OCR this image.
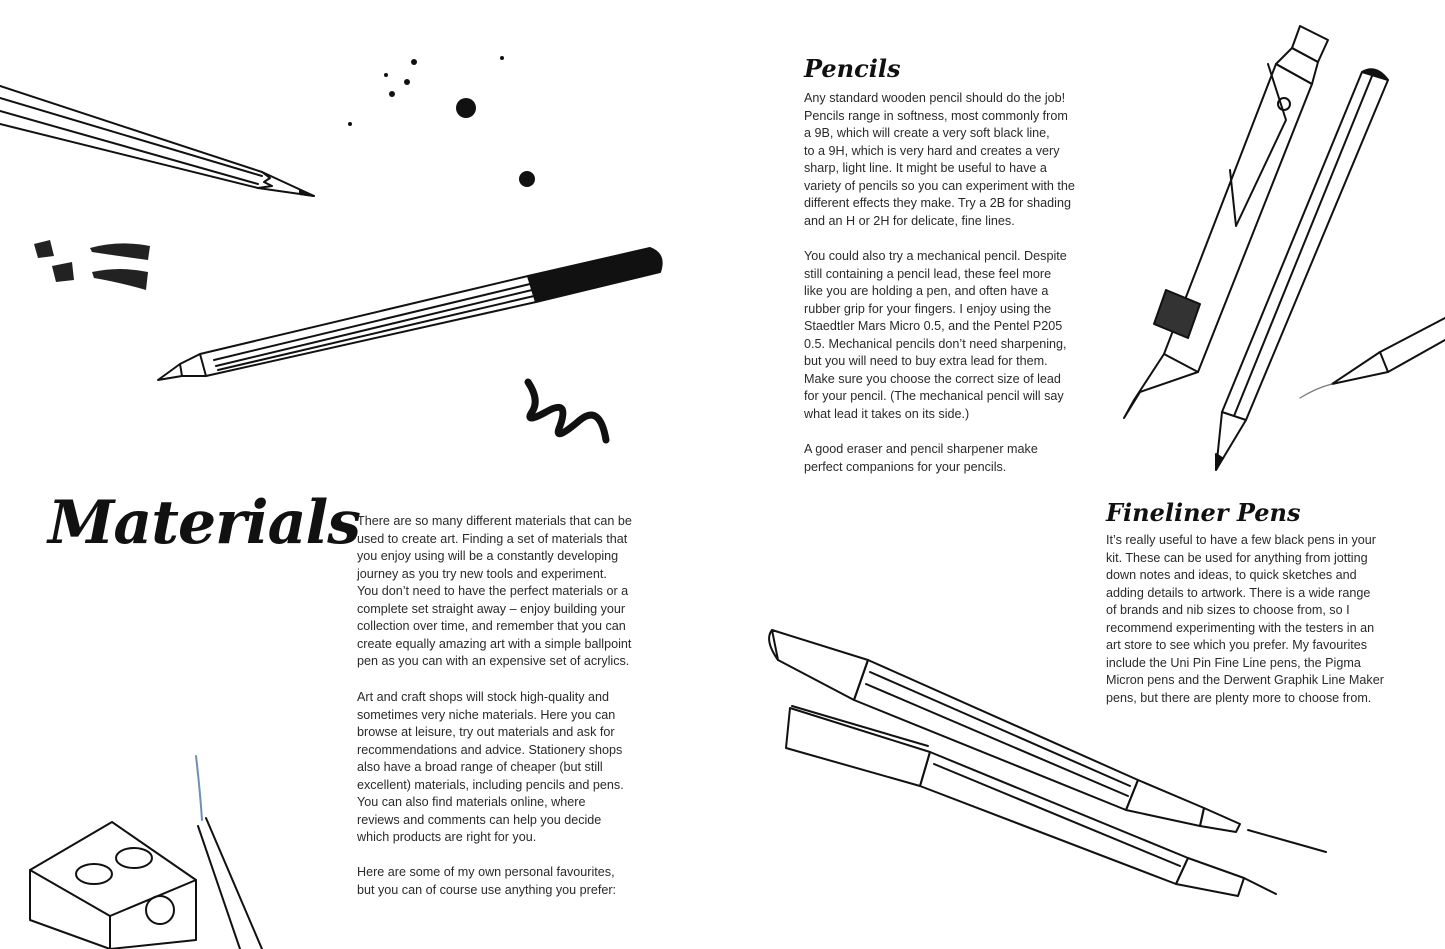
Materials

There are so many different materials that can be
used to create art. Finding a set of materials that
you enjoy using will be a constantly developing
journey as you try new tools and experiment.
You don’t need to have the perfect materials or a
complete set straight away – enjoy building your
collection over time, and remember that you can
create equally amazing art with a simple ballpoint
pen as you can with an expensive set of acrylics.

Art and craft shops will stock high-quality and
sometimes very niche materials. Here you can
browse at leisure, try out materials and ask for
recommendations and advice. Stationery shops
also have a broad range of cheaper (but still
excellent) materials, including pencils and pens.
You can also find materials online, where
reviews and comments can help you decide
which products are right for you.

Here are some of my own personal favourites,
but you can of course use anything you prefer:

Pencils

Any standard wooden pencil should do the job!
Pencils range in softness, most commonly from
a 9B, which will create a very soft black line,
to a 9H, which is very hard and creates a very
sharp, light line. It might be useful to have a
variety of pencils so you can experiment with the
different effects they make. Try a 2B for shading
and an H or 2H for delicate, fine lines.

You could also try a mechanical pencil. Despite
still containing a pencil lead, these feel more
like you are holding a pen, and often have a
rubber grip for your fingers. I enjoy using the
Staedtler Mars Micro 0.5, and the Pentel P205
0.5. Mechanical pencils don’t need sharpening,
but you will need to buy extra lead for them.
Make sure you choose the correct size of lead
for your pencil. (The mechanical pencil will say
what lead it takes on its side.)

A good eraser and pencil sharpener make
perfect companions for your pencils.

Fineliner Pens

It’s really useful to have a few black pens in your
kit. These can be used for anything from jotting
down notes and ideas, to quick sketches and
adding details to artwork. There is a wide range
of brands and nib sizes to choose from, so I
recommend experimenting with the testers in an
art store to see which you prefer. My favourites
include the Uni Pin Fine Line pens, the Pigma
Micron pens and the Derwent Graphik Line Maker
pens, but there are plenty more to choose from.
